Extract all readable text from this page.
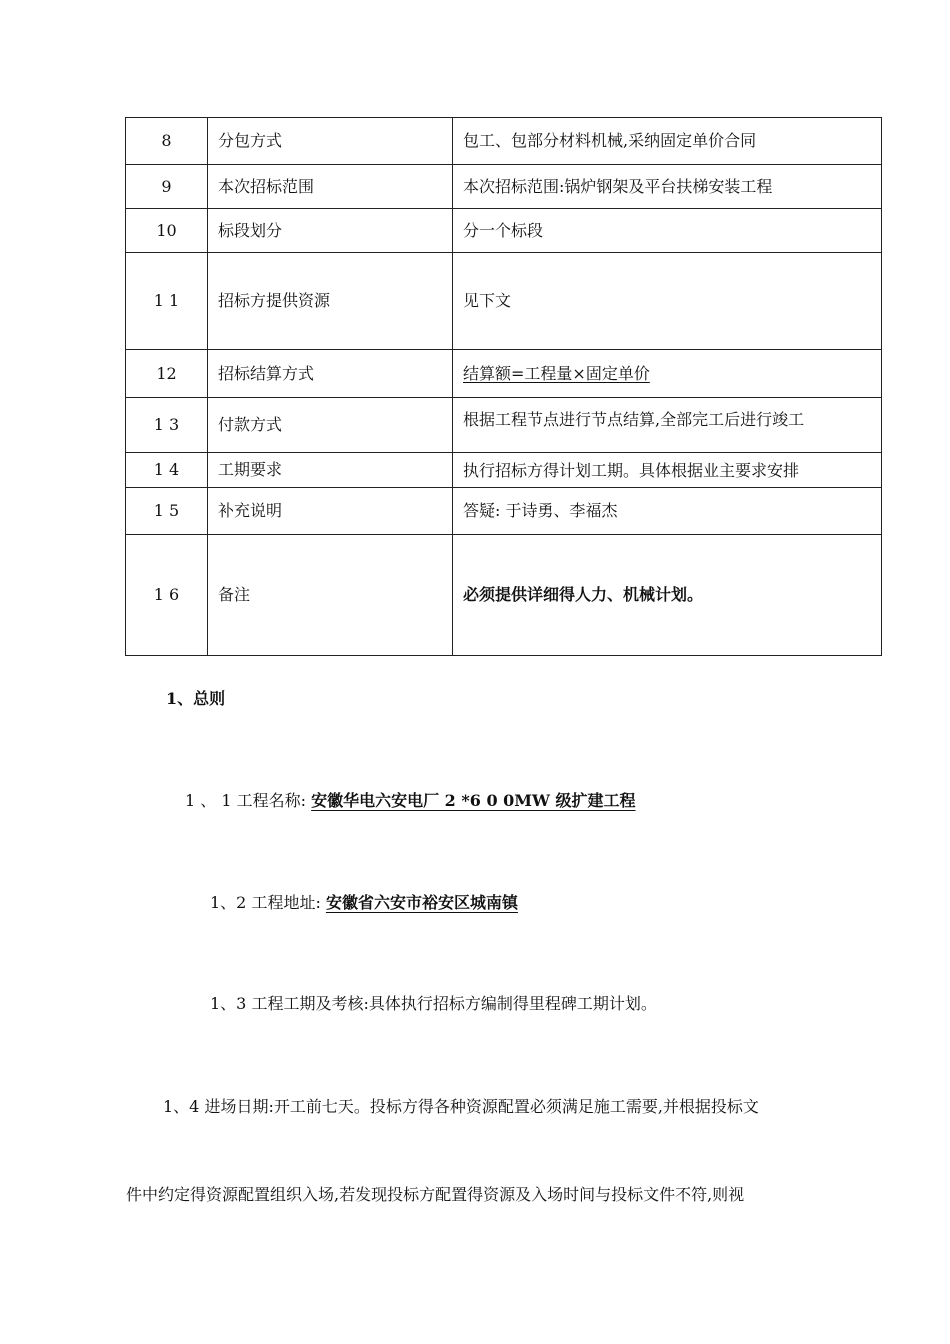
8	分包方式	包工、包部分材料机械,采纳固定单价合同
9	本次招标范围	本次招标范围:锅炉钢架及平台扶梯安装工程
10	标段划分	分一个标段
1 1	招标方提供资源	见下文
12	招标结算方式	结算额=工程量×固定单价
1 3	付款方式	根据工程节点进行节点结算,全部完工后进行竣工
1 4	工期要求	执行招标方得计划工期。具体根据业主要求安排
1 5	补充说明	答疑: 于诗勇、李福杰
1 6	备注	必须提供详细得人力、机械计划。
1、总则
1 、 1 工程名称: 安徽华电六安电厂 2 *6 0 0MW 级扩建工程
1、2 工程地址: 安徽省六安市裕安区城南镇
1、3 工程工期及考核:具体执行招标方编制得里程碑工期计划。
1、4 进场日期:开工前七天。投标方得各种资源配置必须满足施工需要,并根据投标文
件中约定得资源配置组织入场,若发现投标方配置得资源及入场时间与投标文件不符,则视
